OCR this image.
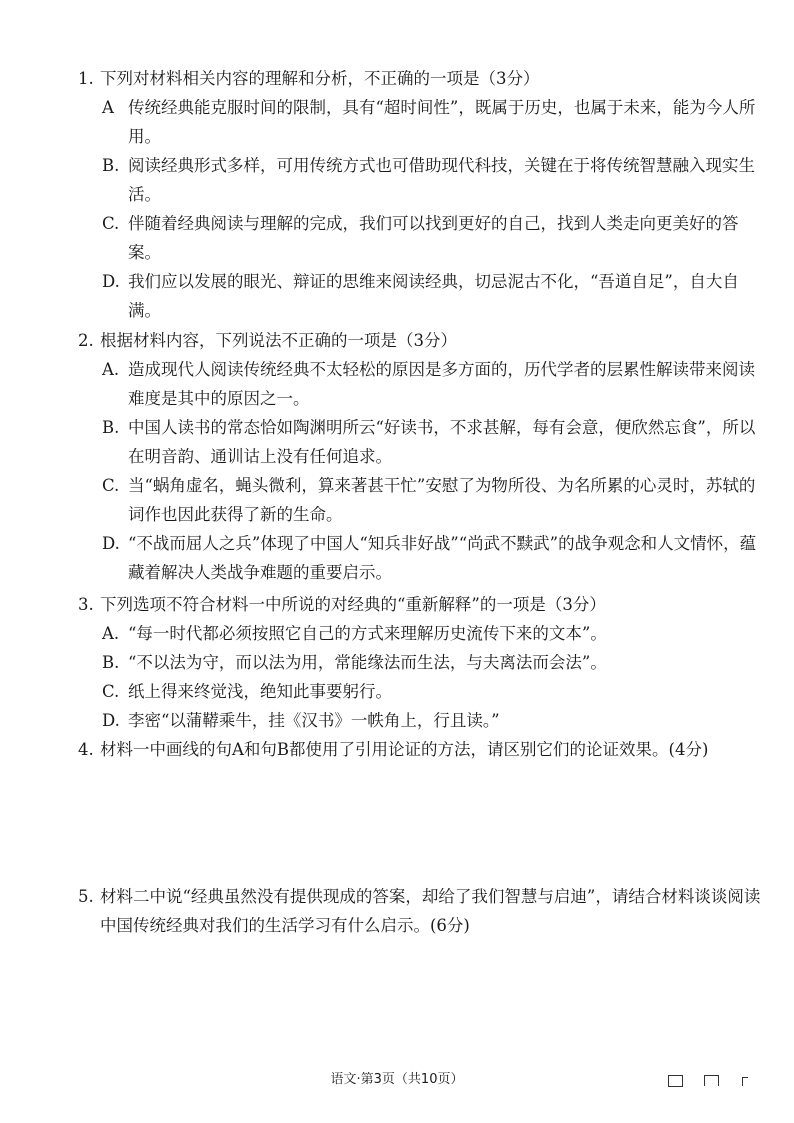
1. 下列对材料相关内容的理解和分析，不正确的一项是（3分）
A 传统经典能克服时间的限制，具有“超时间性”，既属于历史，也属于未来，能为今人所用。
B. 阅读经典形式多样，可用传统方式也可借助现代科技，关键在于将传统智慧融入现实生活。
C. 伴随着经典阅读与理解的完成，我们可以找到更好的自己，找到人类走向更美好的答案。
D. 我们应以发展的眼光、辩证的思维来阅读经典，切忌泥古不化，“吾道自足”，自大自满。
2. 根据材料内容，下列说法不正确的一项是（3分）
A. 造成现代人阅读传统经典不太轻松的原因是多方面的，历代学者的层累性解读带来阅读难度是其中的原因之一。
B. 中国人读书的常态恰如陶渊明所云“好读书，不求甚解，每有会意，便欣然忘食”，所以在明音韵、通训诂上没有任何追求。
C. 当“蜗角虚名，蝇头微利，算来著甚干忙”安慰了为物所役、为名所累的心灵时，苏轼的词作也因此获得了新的生命。
D. “不战而屈人之兵”体现了中国人“知兵非好战”“尚武不黩武”的战争观念和人文情怀，蕴藏着解决人类战争难题的重要启示。
3. 下列选项不符合材料一中所说的对经典的“重新解释”的一项是（3分）
A. “每一时代都必须按照它自己的方式来理解历史流传下来的文本”。
B. “不以法为守，而以法为用，常能缘法而生法，与夫离法而会法”。
C. 纸上得来终觉浅，绝知此事要躬行。
D. 李密“以蒲鞯乘牛，挂《汉书》一帙角上，行且读。”
4. 材料一中画线的句A和句B都使用了引用论证的方法，请区别它们的论证效果。(4分)
5. 材料二中说“经典虽然没有提供现成的答案，却给了我们智慧与启迪”，请结合材料谈谈阅读中国传统经典对我们的生活学习有什么启示。(6分)
语文·第3页（共10页）
